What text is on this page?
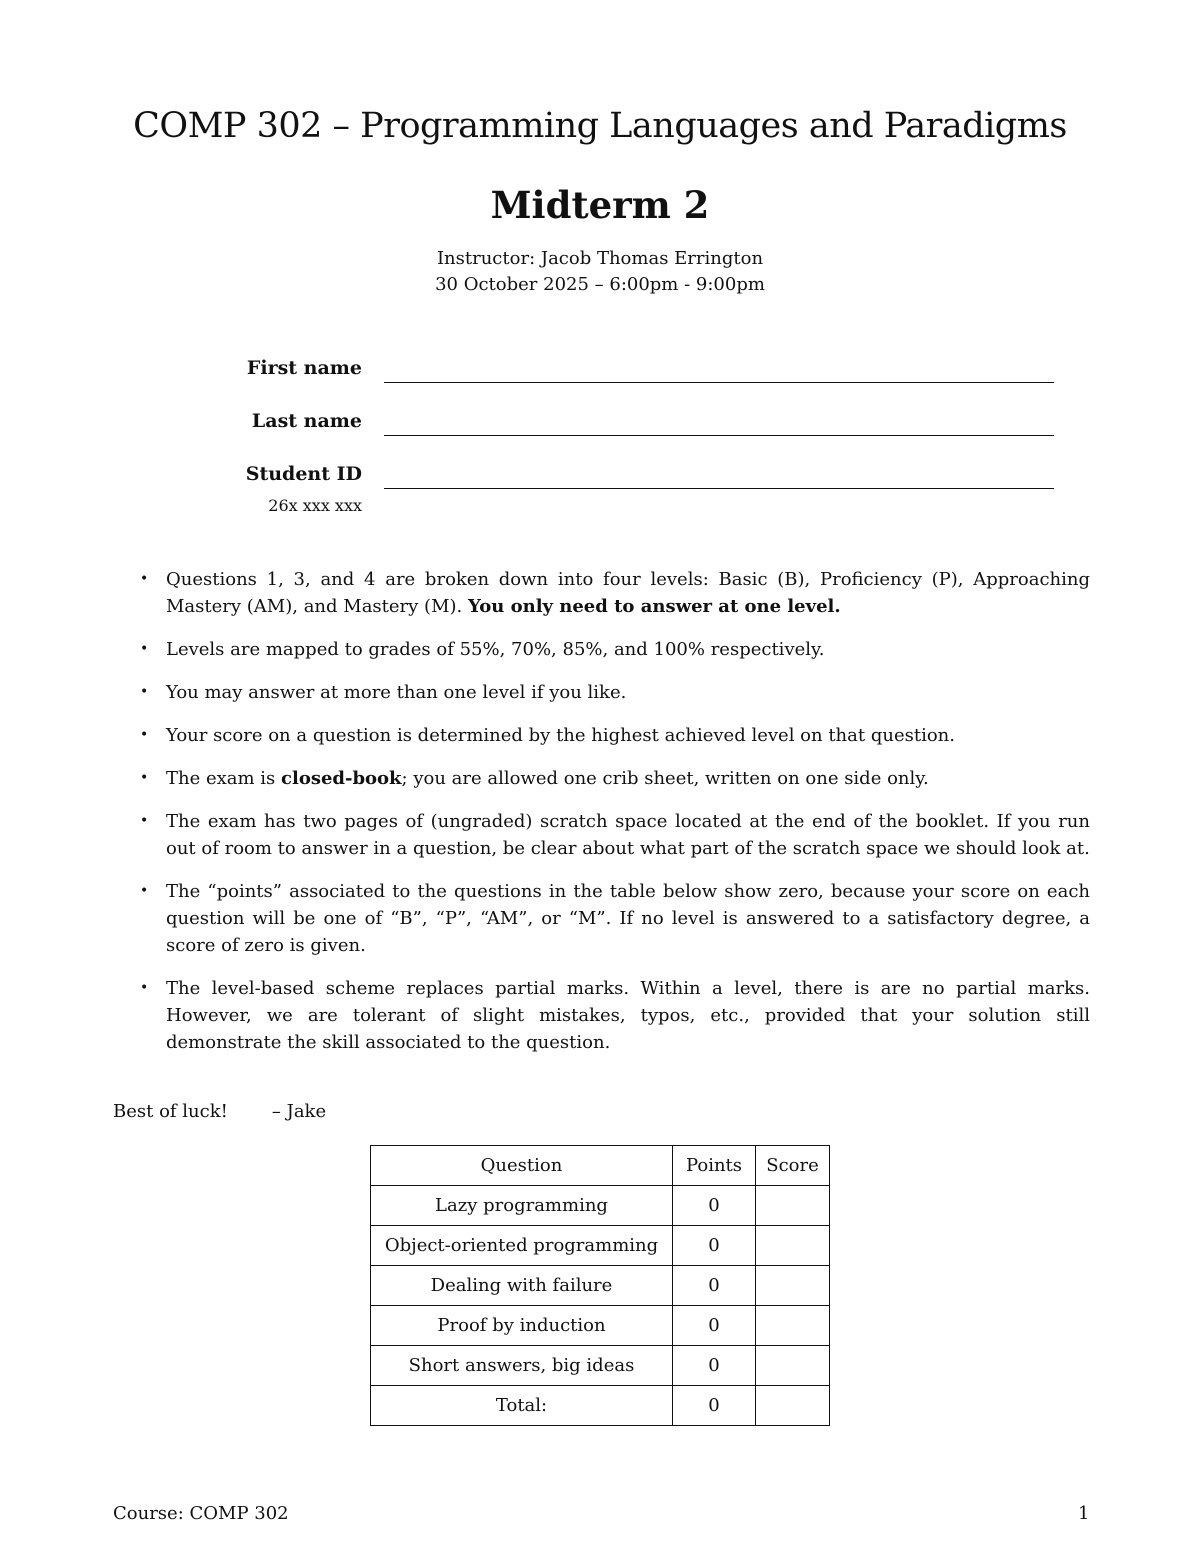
COMP 302 – Programming Languages and Paradigms
Midterm 2
Instructor: Jacob Thomas Errington
30 October 2025 – 6:00pm - 9:00pm
First name
Last name
Student ID
26x xxx xxx
• Questions 1, 3, and 4 are broken down into four levels: Basic (B), Proficiency (P), Approaching Mastery (AM), and Mastery (M). You only need to answer at one level.
• Levels are mapped to grades of 55%, 70%, 85%, and 100% respectively.
• You may answer at more than one level if you like.
• Your score on a question is determined by the highest achieved level on that question.
• The exam is closed-book; you are allowed one crib sheet, written on one side only.
• The exam has two pages of (ungraded) scratch space located at the end of the booklet. If you run out of room to answer in a question, be clear about what part of the scratch space we should look at.
• The “points” associated to the questions in the table below show zero, because your score on each question will be one of “B”, “P”, “AM”, or “M”. If no level is answered to a satisfactory degree, a score of zero is given.
• The level-based scheme replaces partial marks. Within a level, there is are no partial marks. However, we are tolerant of slight mistakes, typos, etc., provided that your solution still demonstrate the skill associated to the question.
Best of luck! – Jake
Question	Points	Score
Lazy programming	0	
Object-oriented programming	0	
Dealing with failure	0	
Proof by induction	0	
Short answers, big ideas	0	
Total:	0	
Course: COMP 302	1
